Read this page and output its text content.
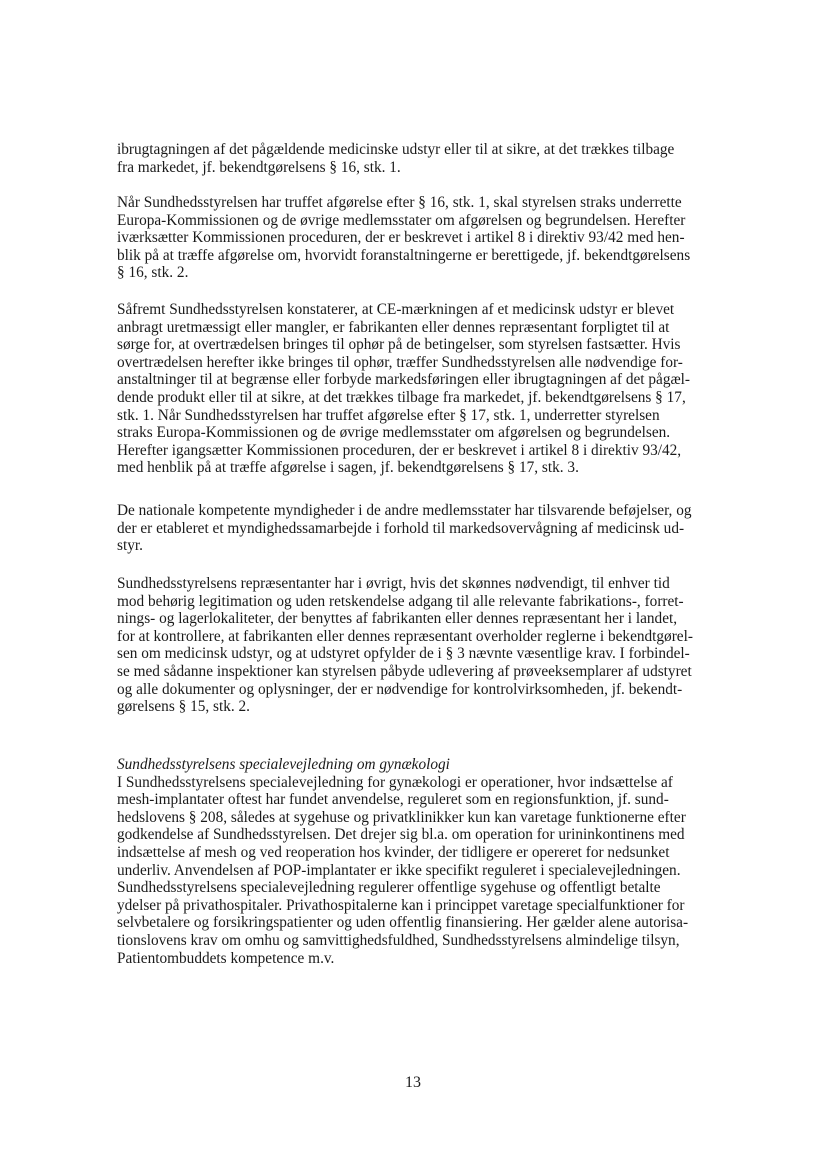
ibrugtagningen af det pågældende medicinske udstyr eller til at sikre, at det trækkes tilbage
fra markedet, jf. bekendtgørelsens § 16, stk. 1.
Når Sundhedsstyrelsen har truffet afgørelse efter § 16, stk. 1, skal styrelsen straks underrette
Europa-Kommissionen og de øvrige medlemsstater om afgørelsen og begrundelsen. Herefter
iværksætter Kommissionen proceduren, der er beskrevet i artikel 8 i direktiv 93/42 med hen-
blik på at træffe afgørelse om, hvorvidt foranstaltningerne er berettigede, jf. bekendtgørelsens
§ 16, stk. 2.
Såfremt Sundhedsstyrelsen konstaterer, at CE-mærkningen af et medicinsk udstyr er blevet
anbragt uretmæssigt eller mangler, er fabrikanten eller dennes repræsentant forpligtet til at
sørge for, at overtrædelsen bringes til ophør på de betingelser, som styrelsen fastsætter. Hvis
overtrædelsen herefter ikke bringes til ophør, træffer Sundhedsstyrelsen alle nødvendige for-
anstaltninger til at begrænse eller forbyde markedsføringen eller ibrugtagningen af det pågæl-
dende produkt eller til at sikre, at det trækkes tilbage fra markedet, jf. bekendtgørelsens § 17,
stk. 1. Når Sundhedsstyrelsen har truffet afgørelse efter § 17, stk. 1, underretter styrelsen
straks Europa-Kommissionen og de øvrige medlemsstater om afgørelsen og begrundelsen.
Herefter igangsætter Kommissionen proceduren, der er beskrevet i artikel 8 i direktiv 93/42,
med henblik på at træffe afgørelse i sagen, jf. bekendtgørelsens § 17, stk. 3.
De nationale kompetente myndigheder i de andre medlemsstater har tilsvarende beføjelser, og
der er etableret et myndighedssamarbejde i forhold til markedsovervågning af medicinsk ud-
styr.
Sundhedsstyrelsens repræsentanter har i øvrigt, hvis det skønnes nødvendigt, til enhver tid
mod behørig legitimation og uden retskendelse adgang til alle relevante fabrikations-, forret-
nings- og lagerlokaliteter, der benyttes af fabrikanten eller dennes repræsentant her i landet,
for at kontrollere, at fabrikanten eller dennes repræsentant overholder reglerne i bekendtgørel-
sen om medicinsk udstyr, og at udstyret opfylder de i § 3 nævnte væsentlige krav. I forbindel-
se med sådanne inspektioner kan styrelsen påbyde udlevering af prøveeksemplarer af udstyret
og alle dokumenter og oplysninger, der er nødvendige for kontrolvirksomheden, jf. bekendt-
gørelsens § 15, stk. 2.
Sundhedsstyrelsens specialevejledning om gynækologi
I Sundhedsstyrelsens specialevejledning for gynækologi er operationer, hvor indsættelse af
mesh-implantater oftest har fundet anvendelse, reguleret som en regionsfunktion, jf. sund-
hedslovens § 208, således at sygehuse og privatklinikker kun kan varetage funktionerne efter
godkendelse af Sundhedsstyrelsen. Det drejer sig bl.a. om operation for urininkontinens med
indsættelse af mesh og ved reoperation hos kvinder, der tidligere er opereret for nedsunket
underliv. Anvendelsen af POP-implantater er ikke specifikt reguleret i specialevejledningen.
Sundhedsstyrelsens specialevejledning regulerer offentlige sygehuse og offentligt betalte
ydelser på privathospitaler. Privathospitalerne kan i princippet varetage specialfunktioner for
selvbetalere og forsikringspatienter og uden offentlig finansiering. Her gælder alene autorisa-
tionslovens krav om omhu og samvittighedsfuldhed, Sundhedsstyrelsens almindelige tilsyn,
Patientombuddets kompetence m.v.
13
